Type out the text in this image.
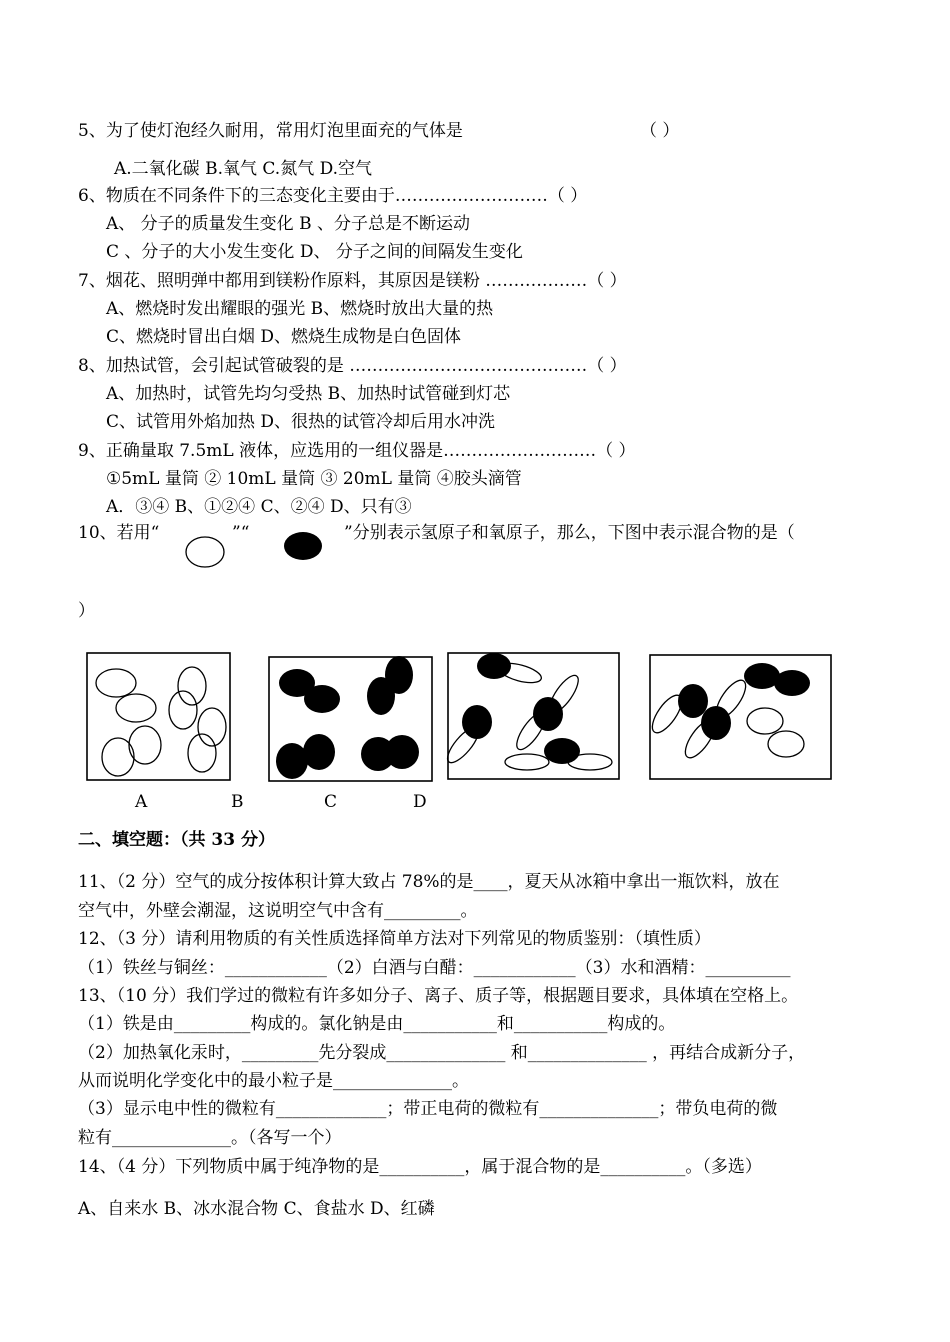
5、为了使灯泡经久耐用，常用灯泡里面充的气体是	（ ）
A.二氧化碳 B.氧气 C.氮气 D.空气
6、物质在不同条件下的三态变化主要由于………………………（ ）
A、 分子的质量发生变化 B 、分子总是不断运动
C 、分子的大小发生变化 D、 分子之间的间隔发生变化
7、烟花、照明弹中都用到镁粉作原料，其原因是镁粉 ………………（ ）
A、燃烧时发出耀眼的强光 B、燃烧时放出大量的热
C、燃烧时冒出白烟 D、燃烧生成物是白色固体
8、加热试管，会引起试管破裂的是 ……………………………………（ ）
A、加热时，试管先均匀受热 B、加热时试管碰到灯芯
C、试管用外焰加热 D、很热的试管冷却后用水冲洗
9、正确量取 7.5mL 液体，应选用的一组仪器是………………………（ ）
①5mL 量筒 ② 10mL 量筒 ③ 20mL 量筒 ④胶头滴管
A．③④ B、①②④ C、②④ D、只有③
10、若用“	”“	”分别表示氢原子和氧原子，那么，下图中表示混合物的是（
）
A	B	C	D
二、填空题：（共 33 分）
11、（2 分）空气的成分按体积计算大致占 78%的是____，夏天从冰箱中拿出一瓶饮料，放在
空气中，外壁会潮湿，这说明空气中含有_________。
12、（3 分）请利用物质的有关性质选择简单方法对下列常见的物质鉴别：（填性质）
（1）铁丝与铜丝：____________（2）白酒与白醋：____________（3）水和酒精：__________
13、（10 分）我们学过的微粒有许多如分子、离子、质子等，根据题目要求，具体填在空格上。
（1）铁是由_________构成的。氯化钠是由___________和___________构成的。
（2）加热氧化汞时，_________先分裂成______________ 和______________ ，再结合成新分子，
从而说明化学变化中的最小粒子是______________。
（3）显示电中性的微粒有_____________；带正电荷的微粒有______________；带负电荷的微
粒有______________。（各写一个）
14、（4 分）下列物质中属于纯净物的是__________，属于混合物的是__________。（多选）
A、自来水 B、冰水混合物 C、食盐水 D、红磷
